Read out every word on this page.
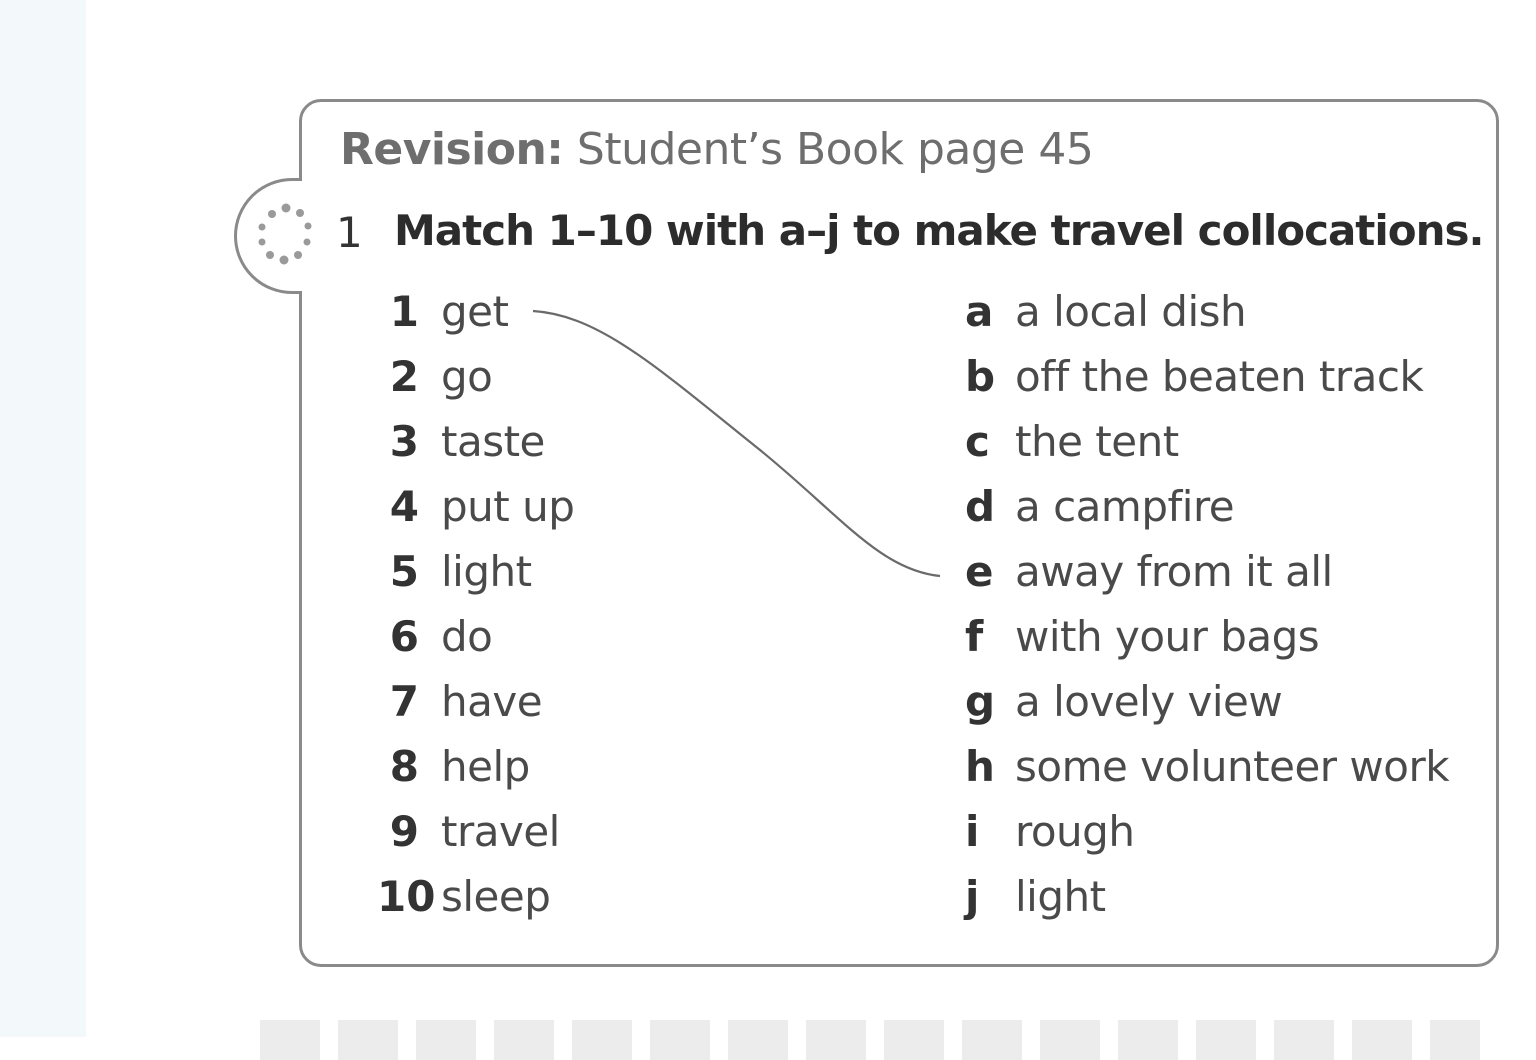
Revision: Student’s Book page 45
1 Match 1–10 with a–j to make travel collocations.
1 get
2 go
3 taste
4 put up
5 light
6 do
7 have
8 help
9 travel
10 sleep
a a local dish
b off the beaten track
c the tent
d a campfire
e away from it all
f with your bags
g a lovely view
h some volunteer work
i rough
j light
